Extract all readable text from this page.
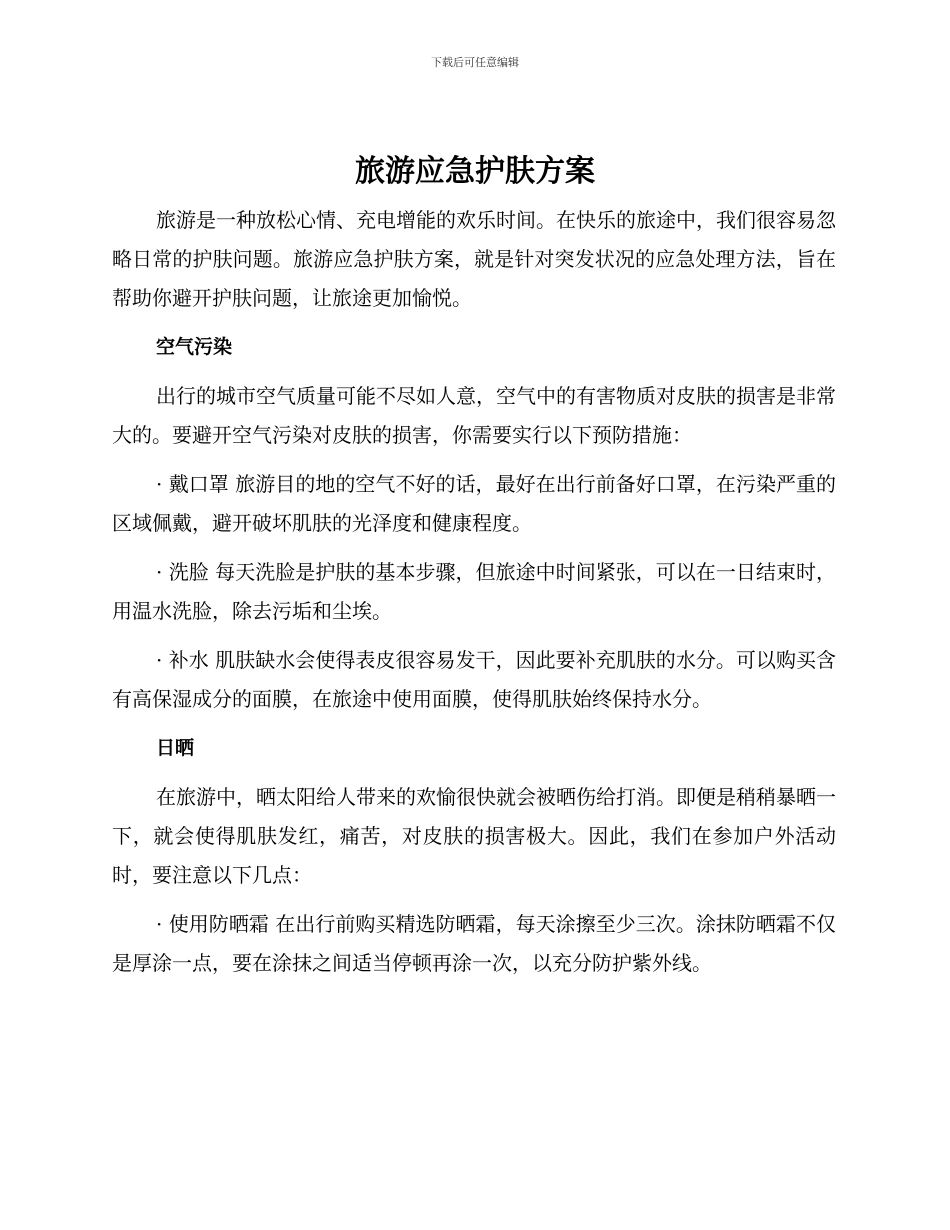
下载后可任意编辑
旅游应急护肤方案

旅游是一种放松心情、充电增能的欢乐时间。在快乐的旅途中，我们很容易忽略日常的护肤问题。旅游应急护肤方案，就是针对突发状况的应急处理方法，旨在帮助你避开护肤问题，让旅途更加愉悦。

空气污染

出行的城市空气质量可能不尽如人意，空气中的有害物质对皮肤的损害是非常大的。要避开空气污染对皮肤的损害，你需要实行以下预防措施：

· 戴口罩 旅游目的地的空气不好的话，最好在出行前备好口罩，在污染严重的区域佩戴，避开破坏肌肤的光泽度和健康程度。

· 洗脸 每天洗脸是护肤的基本步骤，但旅途中时间紧张，可以在一日结束时，用温水洗脸，除去污垢和尘埃。

· 补水 肌肤缺水会使得表皮很容易发干，因此要补充肌肤的水分。可以购买含有高保湿成分的面膜，在旅途中使用面膜，使得肌肤始终保持水分。

日晒

在旅游中，晒太阳给人带来的欢愉很快就会被晒伤给打消。即便是稍稍暴晒一下，就会使得肌肤发红，痛苦，对皮肤的损害极大。因此，我们在参加户外活动时，要注意以下几点：

· 使用防晒霜 在出行前购买精选防晒霜，每天涂擦至少三次。涂抹防晒霜不仅是厚涂一点，要在涂抹之间适当停顿再涂一次，以充分防护紫外线。
